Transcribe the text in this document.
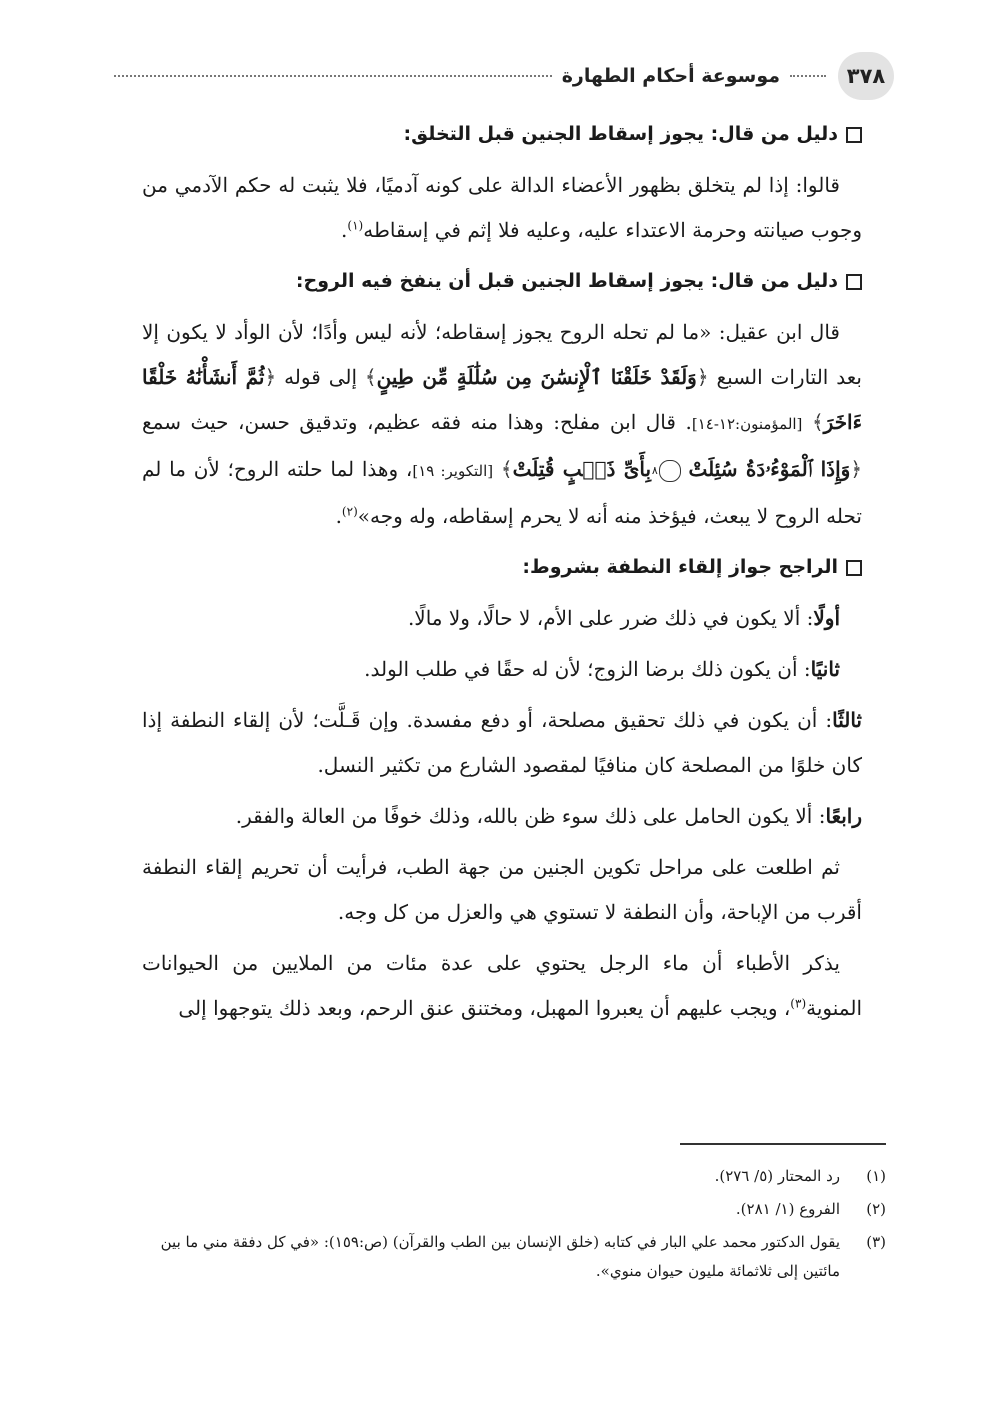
٣٧٨
موسوعة أحكام الطهارة
دليل من قال: يجوز إسقاط الجنين قبل التخلق:

قالوا: إذا لم يتخلق بظهور الأعضاء الدالة على كونه آدميًا، فلا يثبت له حكم الآدمي من وجوب صيانته وحرمة الاعتداء عليه، وعليه فلا إثم في إسقاطه$^{(١)}$.

دليل من قال: يجوز إسقاط الجنين قبل أن ينفخ فيه الروح:

قال ابن عقيل: «ما لم تحله الروح يجوز إسقاطه؛ لأنه ليس وأدًا؛ لأن الوأد لا يكون إلا بعد التارات السبع ﴿وَلَقَدْ خَلَقْنَا ٱلْإِنسَٰنَ مِن سُلَٰلَةٍ مِّن طِينٍ﴾ إلى قوله ﴿ثُمَّ أَنشَأْنَٰهُ خَلْقًا ءَاخَرَ﴾ [المؤمنون:١٢-١٤]. قال ابن مفلح: وهذا منه فقه عظيم، وتدقيق حسن، حيث سمع ﴿وَإِذَا ٱلْمَوْءُۥدَةُ سُئِلَتْ ٨ بِأَىِّ ذَنۢبٍ قُتِلَتْ﴾ [التكوير: ١٩]، وهذا لما حلته الروح؛ لأن ما لم تحله الروح لا يبعث، فيؤخذ منه أنه لا يحرم إسقاطه، وله وجه»$^{(٢)}$.

الراجح جواز إلقاء النطفة بشروط:

أولًا: ألا يكون في ذلك ضرر على الأم، لا حالًا، ولا مالًا.

ثانيًا: أن يكون ذلك برضا الزوج؛ لأن له حقًا في طلب الولد.

ثالثًا: أن يكون في ذلك تحقيق مصلحة، أو دفع مفسدة. وإن قَـلَّت؛ لأن إلقاء النطفة إذا كان خلوًا من المصلحة كان منافيًا لمقصود الشارع من تكثير النسل.

رابعًا: ألا يكون الحامل على ذلك سوء ظن بالله، وذلك خوفًا من العالة والفقر.

ثم اطلعت على مراحل تكوين الجنين من جهة الطب، فرأيت أن تحريم إلقاء النطفة أقرب من الإباحة، وأن النطفة لا تستوي هي والعزل من كل وجه.

يذكر الأطباء أن ماء الرجل يحتوي على عدة مئات من الملايين من الحيوانات المنوية$^{(٣)}$، ويجب عليهم أن يعبروا المهبل، ومختنق عنق الرحم، وبعد ذلك يتوجهوا إلى

(١)
رد المحتار (٥/ ٢٧٦).
(٢)
الفروع (١/ ٢٨١).
(٣)
يقول الدكتور محمد علي البار في كتابه (خلق الإنسان بين الطب والقرآن) (ص:١٥٩): «في كل دفقة مني ما بين مائتين إلى ثلاثمائة مليون حيوان منوي».
